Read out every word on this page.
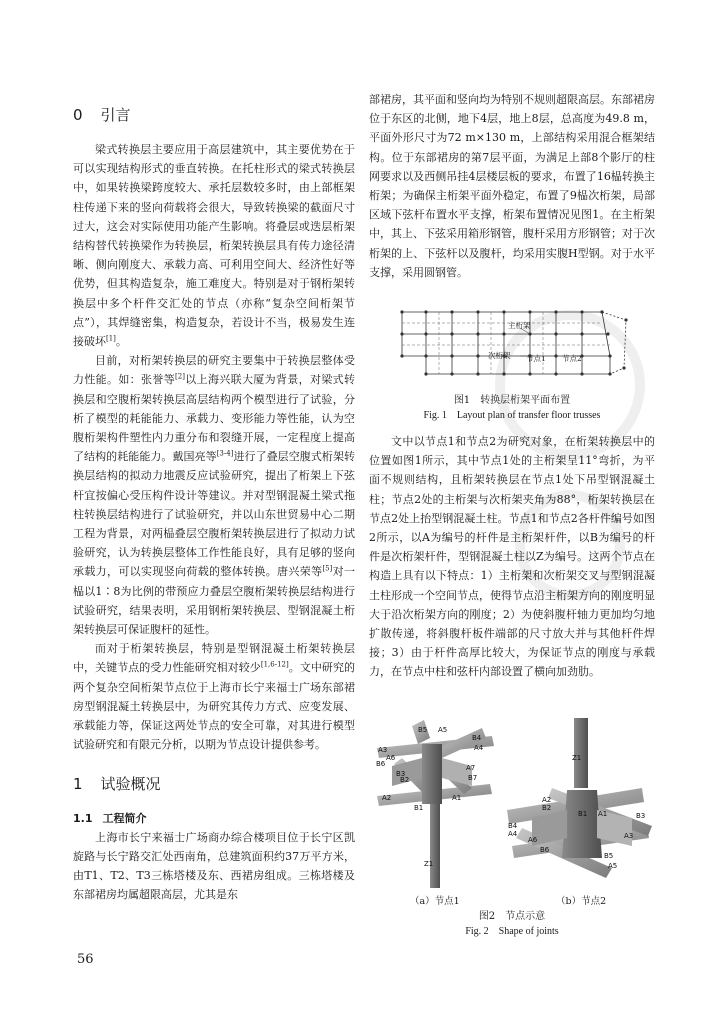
0 引言

梁式转换层主要应用于高层建筑中，其主要优势在于可以实现结构形式的垂直转换。在托柱形式的梁式转换层中，如果转换梁跨度较大、承托层数较多时，由上部框架柱传递下来的竖向荷载将会很大，导致转换梁的截面尺寸过大，这会对实际使用功能产生影响。将叠层或迭层桁架结构替代转换梁作为转换层，桁架转换层具有传力途径清晰、侧向刚度大、承载力高、可利用空间大、经济性好等优势，但其构造复杂，施工难度大。特别是对于钢桁架转换层中多个杆件交汇处的节点（亦称“复杂空间桁架节点”），其焊缝密集，构造复杂，若设计不当，极易发生连接破坏[1]。

目前，对桁架转换层的研究主要集中于转换层整体受力性能。如：张誉等[2]以上海兴联大厦为背景，对梁式转换层和空腹桁架转换层高层结构两个模型进行了试验，分析了模型的耗能能力、承载力、变形能力等性能，认为空腹桁架构件塑性内力重分布和裂缝开展，一定程度上提高了结构的耗能能力。戴国亮等[3-4]进行了叠层空腹式桁架转换层结构的拟动力地震反应试验研究，提出了桁架上下弦杆宜按偏心受压构件设计等建议。并对型钢混凝土梁式拖柱转换层结构进行了试验研究，并以山东世贸易中心二期工程为背景，对两榀叠层空腹桁架转换层进行了拟动力试验研究，认为转换层整体工作性能良好，具有足够的竖向承载力，可以实现竖向荷载的整体转换。唐兴荣等[5]对一榀以1∶8为比例的带预应力叠层空腹桁架转换层结构进行试验研究，结果表明，采用钢桁架转换层、型钢混凝土桁架转换层可保证腹杆的延性。

而对于桁架转换层，特别是型钢混凝土桁架转换层中，关键节点的受力性能研究相对较少[1,6-12]。文中研究的两个复杂空间桁架节点位于上海市长宁来福士广场东部裙房型钢混凝土转换层中，为研究其传力方式、应变发展、承载能力等，保证这两处节点的安全可靠，对其进行模型试验研究和有限元分析，以期为节点设计提供参考。

1 试验概况
1.1 工程简介

上海市长宁来福士广场商办综合楼项目位于长宁区凯旋路与长宁路交汇处西南角，总建筑面积约37万平方米，由T1、T2、T3三栋塔楼及东、西裙房组成。三栋塔楼及东部裙房均属超限高层，尤其是东

部裙房，其平面和竖向均为特别不规则超限高层。东部裙房位于东区的北侧，地下4层，地上8层，总高度为49.8 m，平面外形尺寸为72 m×130 m，上部结构采用混合框架结构。位于东部裙房的第7层平面，为满足上部8个影厅的柱网要求以及西侧吊挂4层楼层板的要求，布置了16榀转换主桁架；为确保主桁架平面外稳定，布置了9榀次桁架，局部区域下弦杆布置水平支撑，桁架布置情况见图1。在主桁架中，其上、下弦采用箱形钢管，腹杆采用方形钢管；对于次桁架的上、下弦杆以及腹杆，均采用实腹H型钢。对于水平支撑，采用圆钢管。

主桁架
次桁架 节点1 节点2
图1 转换层桁架平面布置
Fig. 1 Layout plan of transfer floor trusses

文中以节点1和节点2为研究对象，在桁架转换层中的位置如图1所示，其中节点1处的主桁架呈11°弯折，为平面不规则结构，且桁架转换层在节点1处下吊型钢混凝土柱；节点2处的主桁架与次桁架夹角为88°，桁架转换层在节点2处上抬型钢混凝土柱。节点1和节点2各杆件编号如图2所示，以A为编号的杆件是主桁架杆件，以B为编号的杆件是次桁架杆件，型钢混凝土柱以Z为编号。这两个节点在构造上具有以下特点：1）主桁架和次桁架交叉与型钢混凝土柱形成一个空间节点，使得节点沿主桁架方向的刚度明显大于沿次桁架方向的刚度；2）为使斜腹杆轴力更加均匀地扩散传递，将斜腹杆板件端部的尺寸放大并与其他杆件焊接；3）由于杆件高厚比较大，为保证节点的刚度与承载力，在节点中柱和弦杆内部设置了横向加劲肋。

A3
B5 A5
B4
A4
B6
A6
B3
A7
B2	B7
A2	A1
B1
Z1
Z1
A2
B2
B1 A1	B3
B4
A4	A3
B6
A6
B5
A5
（a）节点1	（b）节点2
图2 节点示意
Fig. 2 Shape of joints
56
